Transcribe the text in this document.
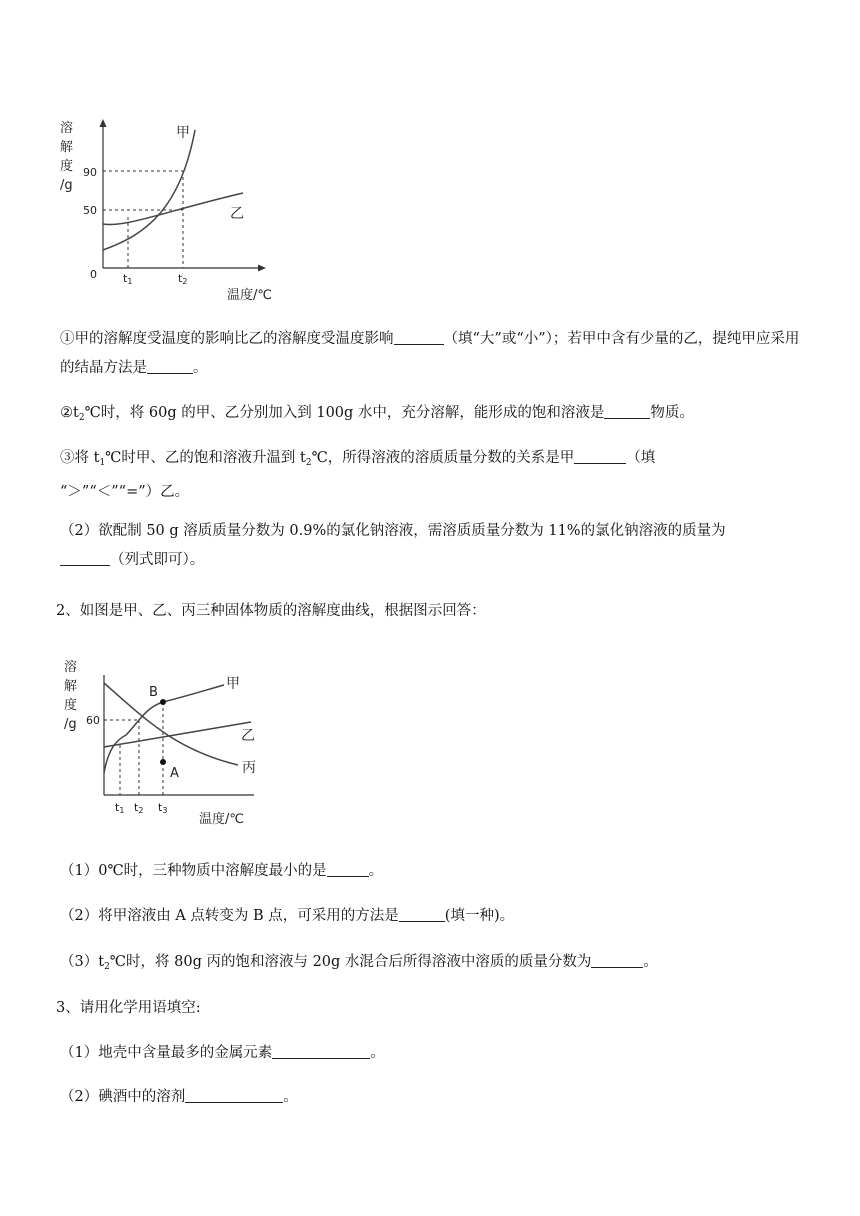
溶
解
度
/g
0
90
50
甲
乙
t1	t2
温度/℃

①甲的溶解度受温度的影响比乙的溶解度受温度影响	（填“大”或“小”）；若甲中含有少量的乙，提纯甲应采用的结晶方法是	。

$②t_2℃$时，将 60g 的甲、乙分别加入到 100g 水中，充分溶解，能形成的饱和溶液是	物质。

③将 $t_1℃$时甲、乙的饱和溶液升温到 $t_2℃$，所得溶液的溶质质量分数的关系是甲	（填
“＞”“＜”“=”）乙。

（2）欲配制 50 g 溶质质量分数为 0.9%的氯化钠溶液，需溶质质量分数为 11%的氯化钠溶液的质量为
（列式即可）。

2、如图是甲、乙、丙三种固体物质的溶解度曲线，根据图示回答：

溶
解
度
/g 60
B
A
甲
乙
丙
t1 t2 t3
温度/℃

（1）0℃时，三种物质中溶解度最小的是	。

（2）将甲溶液由 A 点转变为 B 点，可采用的方法是	(填一种)。

$(3)t_2℃$时，将 80g 丙的饱和溶液与 20g 水混合后所得溶液中溶质的质量分数为	。

3、请用化学用语填空:

（1）地壳中含量最多的金属元素	。

（2）碘酒中的溶剂	。
